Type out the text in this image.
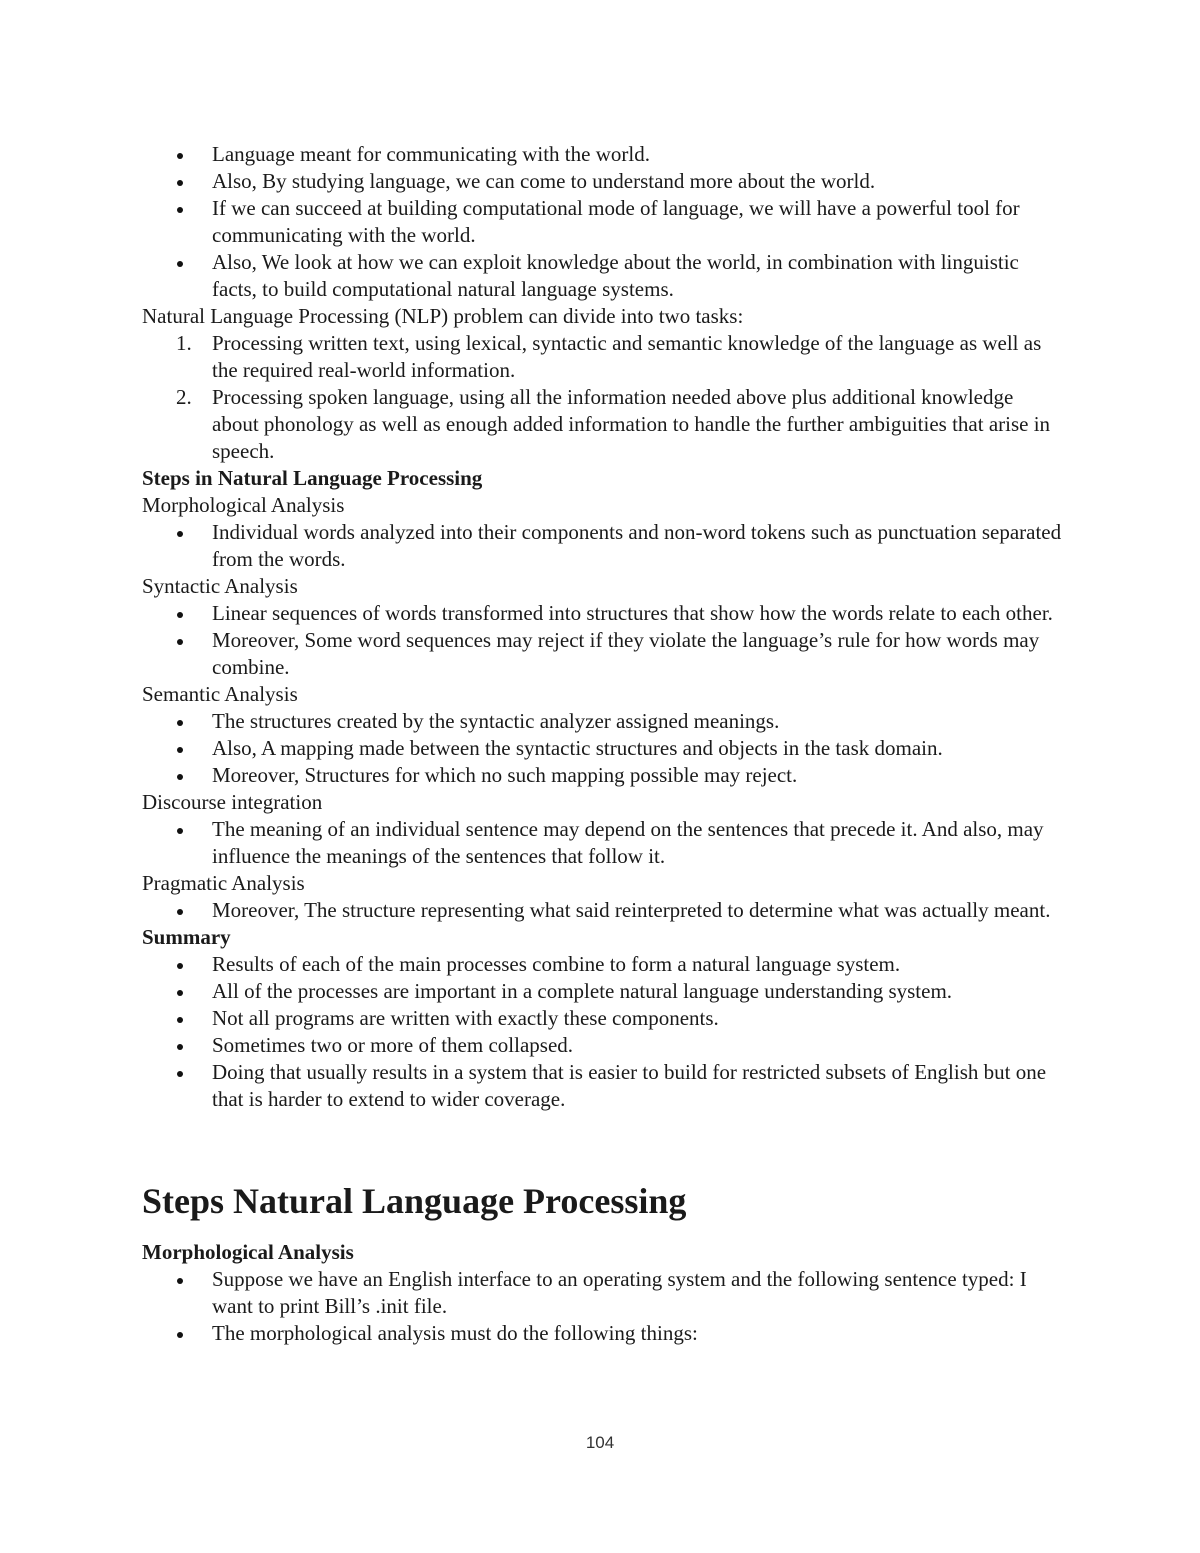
Language meant for communicating with the world.
Also, By studying language, we can come to understand more about the world.
If we can succeed at building computational mode of language, we will have a powerful tool for communicating with the world.
Also, We look at how we can exploit knowledge about the world, in combination with linguistic facts, to build computational natural language systems.

Natural Language Processing (NLP) problem can divide into two tasks:

1. Processing written text, using lexical, syntactic and semantic knowledge of the language as well as the required real-world information.
2. Processing spoken language, using all the information needed above plus additional knowledge about phonology as well as enough added information to handle the further ambiguities that arise in speech.

Steps in Natural Language Processing

Morphological Analysis

Individual words analyzed into their components and non-word tokens such as punctuation separated from the words.

Syntactic Analysis

Linear sequences of words transformed into structures that show how the words relate to each other.
Moreover, Some word sequences may reject if they violate the language’s rule for how words may combine.

Semantic Analysis

The structures created by the syntactic analyzer assigned meanings.
Also, A mapping made between the syntactic structures and objects in the task domain.
Moreover, Structures for which no such mapping possible may reject.

Discourse integration

The meaning of an individual sentence may depend on the sentences that precede it. And also, may influence the meanings of the sentences that follow it.

Pragmatic Analysis

Moreover, The structure representing what said reinterpreted to determine what was actually meant.

Summary

Results of each of the main processes combine to form a natural language system.
All of the processes are important in a complete natural language understanding system.
Not all programs are written with exactly these components.
Sometimes two or more of them collapsed.
Doing that usually results in a system that is easier to build for restricted subsets of English but one that is harder to extend to wider coverage.
Steps Natural Language Processing

Morphological Analysis

Suppose we have an English interface to an operating system and the following sentence typed: I want to print Bill’s .init file.
The morphological analysis must do the following things:
104
